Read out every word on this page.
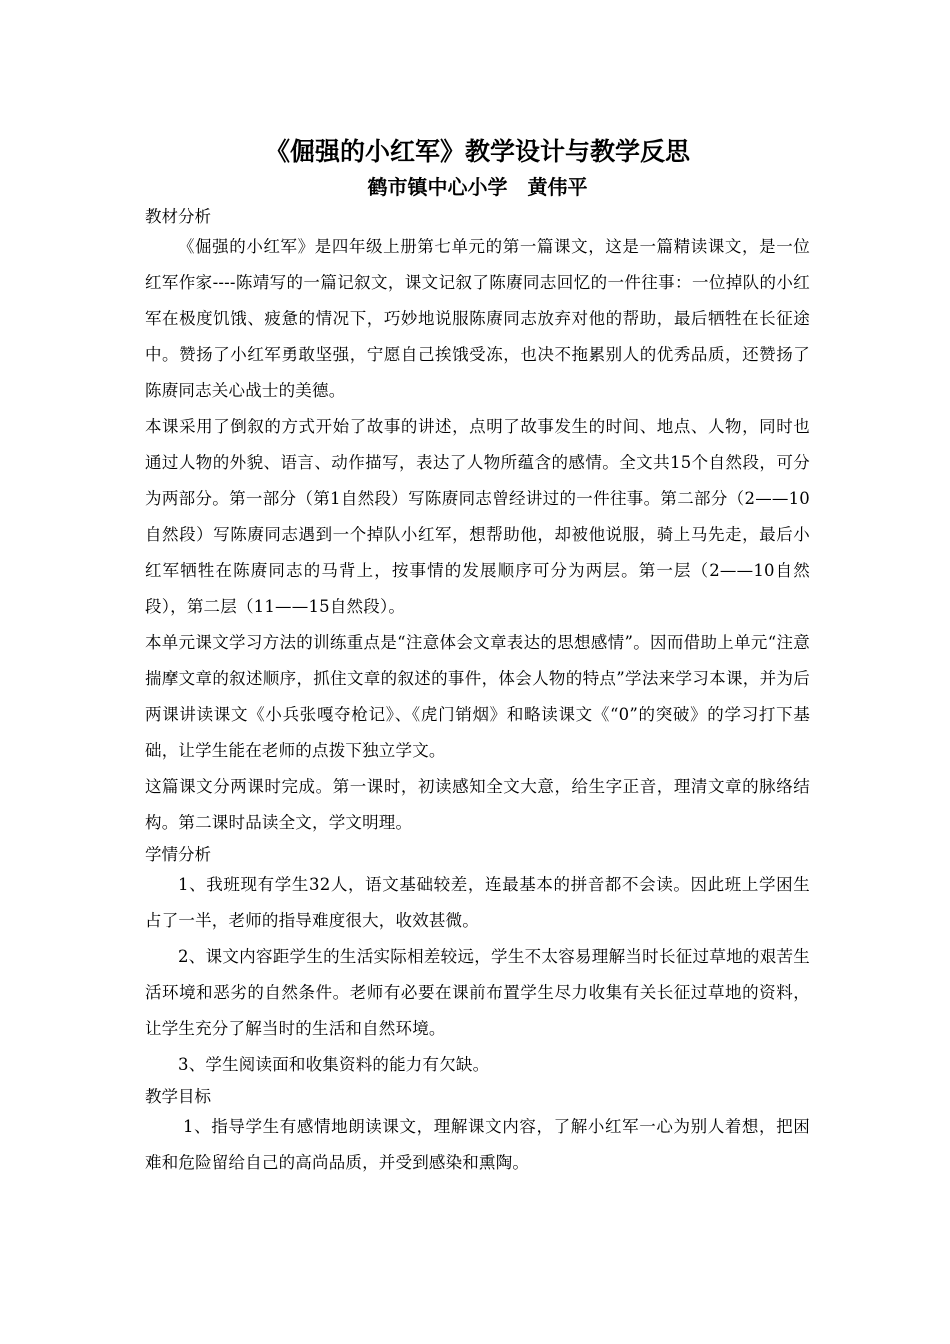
《倔强的小红军》教学设计与教学反思
鹤市镇中心小学　黄伟平
教材分析

《倔强的小红军》是四年级上册第七单元的第一篇课文，这是一篇精读课文，是一位红军作家----陈靖写的一篇记叙文，课文记叙了陈赓同志回忆的一件往事：一位掉队的小红军在极度饥饿、疲惫的情况下，巧妙地说服陈赓同志放弃对他的帮助，最后牺牲在长征途中。赞扬了小红军勇敢坚强，宁愿自己挨饿受冻，也决不拖累别人的优秀品质，还赞扬了陈赓同志关心战士的美德。

本课采用了倒叙的方式开始了故事的讲述，点明了故事发生的时间、地点、人物，同时也通过人物的外貌、语言、动作描写，表达了人物所蕴含的感情。全文共15个自然段，可分为两部分。第一部分（第1自然段）写陈赓同志曾经讲过的一件往事。第二部分（2——10自然段）写陈赓同志遇到一个掉队小红军，想帮助他，却被他说服，骑上马先走，最后小红军牺牲在陈赓同志的马背上，按事情的发展顺序可分为两层。第一层（2——10自然段），第二层（11——15自然段）。

本单元课文学习方法的训练重点是“注意体会文章表达的思想感情”。因而借助上单元“注意揣摩文章的叙述顺序，抓住文章的叙述的事件，体会人物的特点”学法来学习本课，并为后两课讲读课文《小兵张嘎夺枪记》、《虎门销烟》和略读课文《“0”的突破》的学习打下基础，让学生能在老师的点拨下独立学文。

这篇课文分两课时完成。第一课时，初读感知全文大意，给生字正音，理清文章的脉络结构。第二课时品读全文，学文明理。

学情分析

1、我班现有学生32人，语文基础较差，连最基本的拼音都不会读。因此班上学困生占了一半，老师的指导难度很大，收效甚微。

2、课文内容距学生的生活实际相差较远，学生不太容易理解当时长征过草地的艰苦生活环境和恶劣的自然条件。老师有必要在课前布置学生尽力收集有关长征过草地的资料，让学生充分了解当时的生活和自然环境。

3、学生阅读面和收集资料的能力有欠缺。

教学目标

1、指导学生有感情地朗读课文，理解课文内容，了解小红军一心为别人着想，把困难和危险留给自己的高尚品质，并受到感染和熏陶。
